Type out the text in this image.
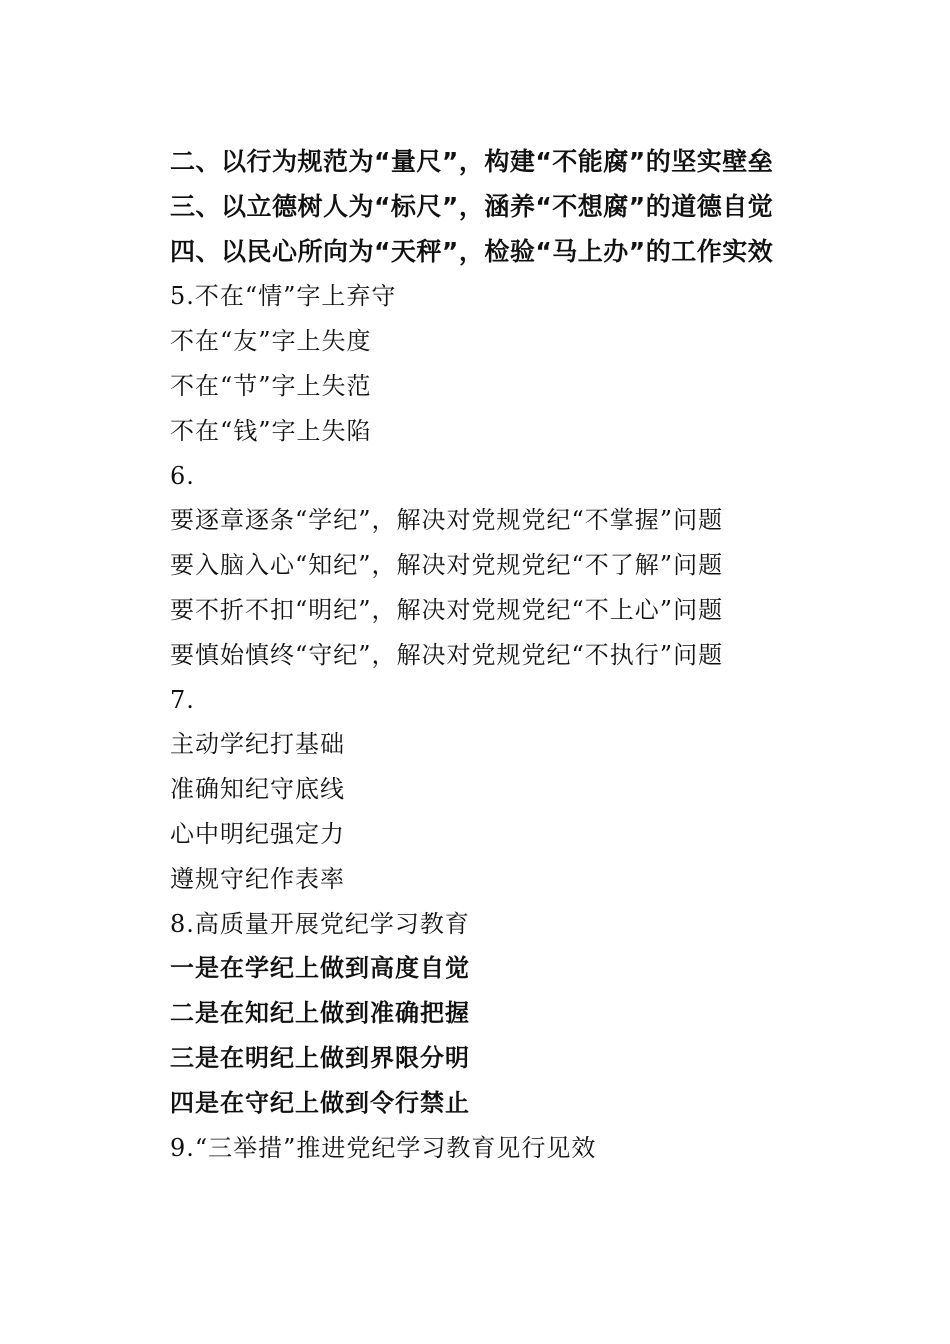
二、以行为规范为“量尺”，构建“不能腐”的坚实壁垒
三、以立德树人为“标尺”，涵养“不想腐”的道德自觉
四、以民心所向为“天秤”，检验“马上办”的工作实效
5.不在“情”字上弃守
不在“友”字上失度
不在“节”字上失范
不在“钱”字上失陷
6.
要逐章逐条“学纪”，解决对党规党纪“不掌握”问题
要入脑入心“知纪”，解决对党规党纪“不了解”问题
要不折不扣“明纪”，解决对党规党纪“不上心”问题
要慎始慎终“守纪”，解决对党规党纪“不执行”问题
7.
主动学纪打基础
准确知纪守底线
心中明纪强定力
遵规守纪作表率
8.高质量开展党纪学习教育
一是在学纪上做到高度自觉
二是在知纪上做到准确把握
三是在明纪上做到界限分明
四是在守纪上做到令行禁止
9.“三举措”推进党纪学习教育见行见效
